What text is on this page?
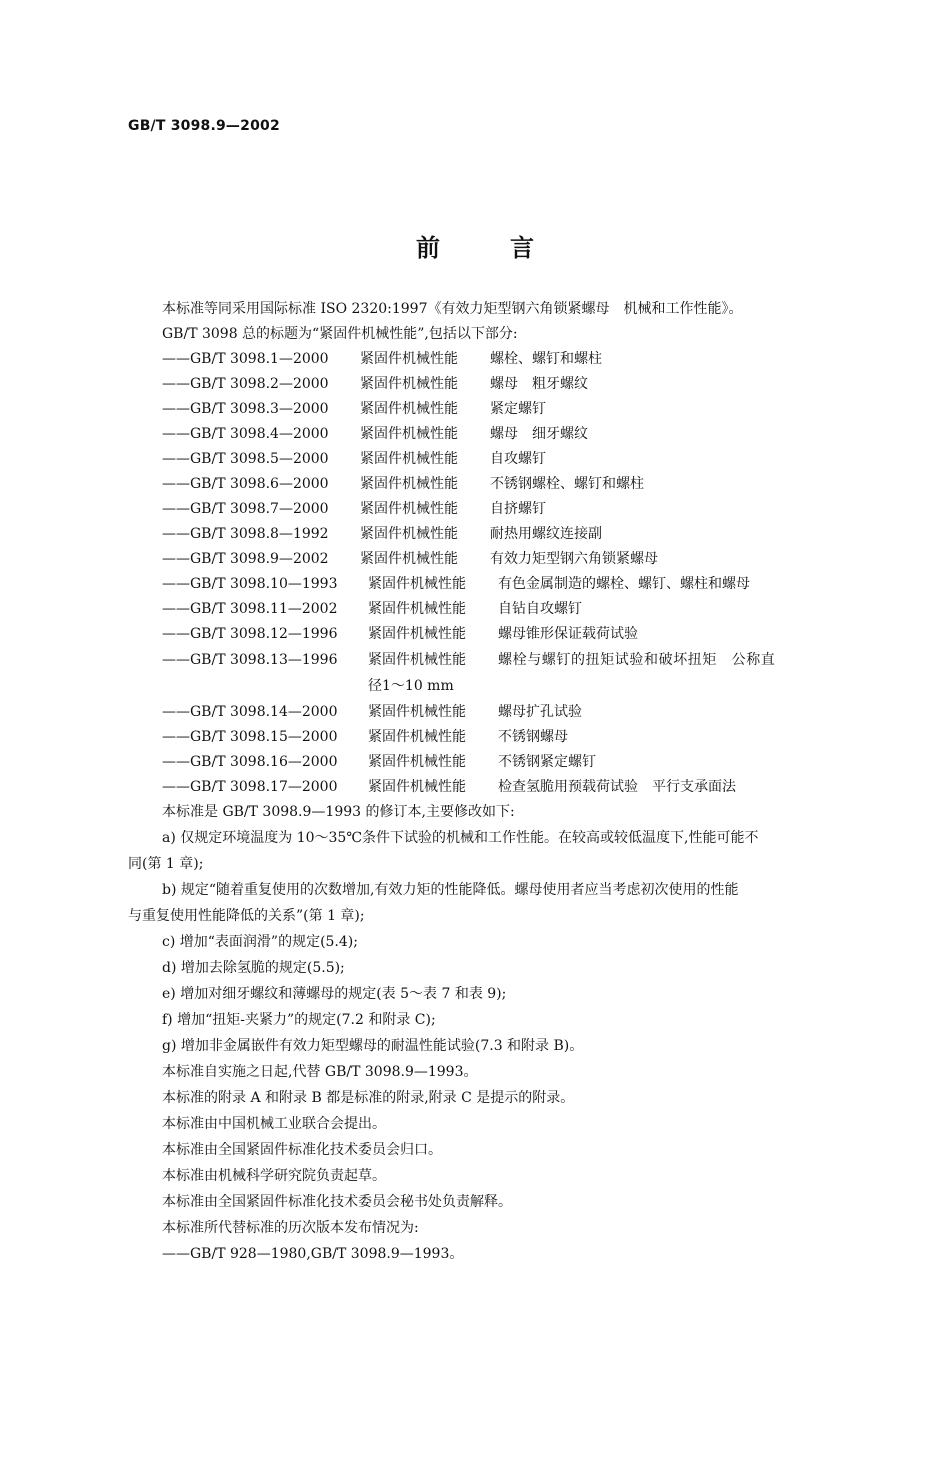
GB/T 3098.9—2002
前	言
本标准等同采用国际标准 ISO 2320:1997《有效力矩型钢六角锁紧螺母　机械和工作性能》。
GB/T 3098 总的标题为“紧固件机械性能”,包括以下部分:
——GB/T 3098.1—2000 紧固件机械性能 螺栓、螺钉和螺柱
——GB/T 3098.2—2000 紧固件机械性能 螺母　粗牙螺纹
——GB/T 3098.3—2000 紧固件机械性能 紧定螺钉
——GB/T 3098.4—2000 紧固件机械性能 螺母　细牙螺纹
——GB/T 3098.5—2000 紧固件机械性能 自攻螺钉
——GB/T 3098.6—2000 紧固件机械性能 不锈钢螺栓、螺钉和螺柱
——GB/T 3098.7—2000 紧固件机械性能 自挤螺钉
——GB/T 3098.8—1992 紧固件机械性能 耐热用螺纹连接副
——GB/T 3098.9—2002 紧固件机械性能 有效力矩型钢六角锁紧螺母
——GB/T 3098.10—1993 紧固件机械性能 有色金属制造的螺栓、螺钉、螺柱和螺母
——GB/T 3098.11—2002 紧固件机械性能 自钻自攻螺钉
——GB/T 3098.12—1996 紧固件机械性能 螺母锥形保证载荷试验
——GB/T 3098.13—1996 紧固件机械性能 螺栓与螺钉的扭矩试验和破坏扭矩　公称直
径1～10 mm
——GB/T 3098.14—2000 紧固件机械性能 螺母扩孔试验
——GB/T 3098.15—2000 紧固件机械性能 不锈钢螺母
——GB/T 3098.16—2000 紧固件机械性能 不锈钢紧定螺钉
——GB/T 3098.17—2000 紧固件机械性能 检查氢脆用预载荷试验　平行支承面法
本标准是 GB/T 3098.9—1993 的修订本,主要修改如下:
a) 仅规定环境温度为 10～35℃条件下试验的机械和工作性能。在较高或较低温度下,性能可能不
同(第 1 章);
b) 规定“随着重复使用的次数增加,有效力矩的性能降低。螺母使用者应当考虑初次使用的性能
与重复使用性能降低的关系”(第 1 章);
c) 增加“表面润滑”的规定(5.4);
d) 增加去除氢脆的规定(5.5);
e) 增加对细牙螺纹和薄螺母的规定(表 5～表 7 和表 9);
f) 增加“扭矩-夹紧力”的规定(7.2 和附录 C);
g) 增加非金属嵌件有效力矩型螺母的耐温性能试验(7.3 和附录 B)。
本标准自实施之日起,代替 GB/T 3098.9—1993。
本标准的附录 A 和附录 B 都是标准的附录,附录 C 是提示的附录。
本标准由中国机械工业联合会提出。
本标准由全国紧固件标准化技术委员会归口。
本标准由机械科学研究院负责起草。
本标准由全国紧固件标准化技术委员会秘书处负责解释。
本标准所代替标准的历次版本发布情况为:
——GB/T 928—1980,GB/T 3098.9—1993。
